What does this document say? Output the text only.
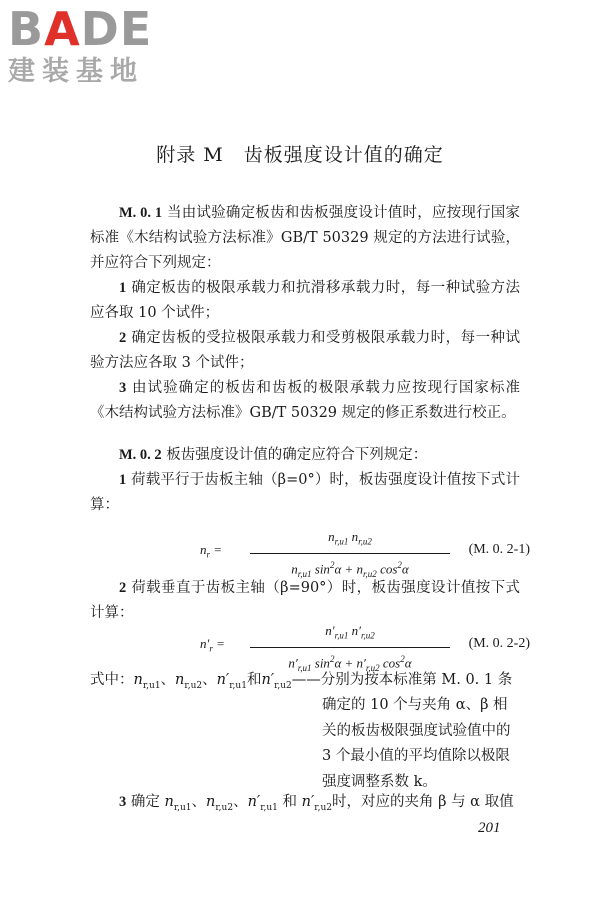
BADE
建装基地
附录 M 齿板强度设计值的确定
M. 0. 1 当由试验确定板齿和齿板强度设计值时，应按现行国家标准《木结构试验方法标准》GB/T 50329 规定的方法进行试验，并应符合下列规定：
1 确定板齿的极限承载力和抗滑移承载力时，每一种试验方法应各取 10 个试件；
2 确定齿板的受拉极限承载力和受剪极限承载力时，每一种试验方法应各取 3 个试件；
3 由试验确定的板齿和齿板的极限承载力应按现行国家标准《木结构试验方法标准》GB/T 50329 规定的修正系数进行校正。
M. 0. 2 板齿强度设计值的确定应符合下列规定：
1 荷载平行于齿板主轴（β=0°）时，板齿强度设计值按下式计算：
$n_r = \frac{n_{r,u1} n_{r,u2}}{n_{r,u1} \sin^2\alpha + n_{r,u2} \cos^2\alpha} (M$. 0. 2-1)
2 荷载垂直于齿板主轴（β=90°）时，板齿强度设计值按下式计算：
$n'_r = \frac{n'_{r,u1} n'_{r,u2}}{n'_{r,u1} \sin^2\alpha + n'_{r,u2} \cos^2\alpha} (M$. 0. 2-2)
式中：$n_{r,u1}$、$n_{r,u2}$、$n'_{r,u1}$和$n'_{r,u2}——$分别为按本标准第 M. 0. 1 条
确定的 10 个与夹角 α、β 相关的板齿极限强度试验值中的 3 个最小值的平均值除以极限强度调整系数 k。
3 确定 $n_{r,u1}$、$n_{r,u2}$、$n'_{r,u1}$ 和 $n'_{r,u2}$时，对应的夹角 β 与 α 取值
201
